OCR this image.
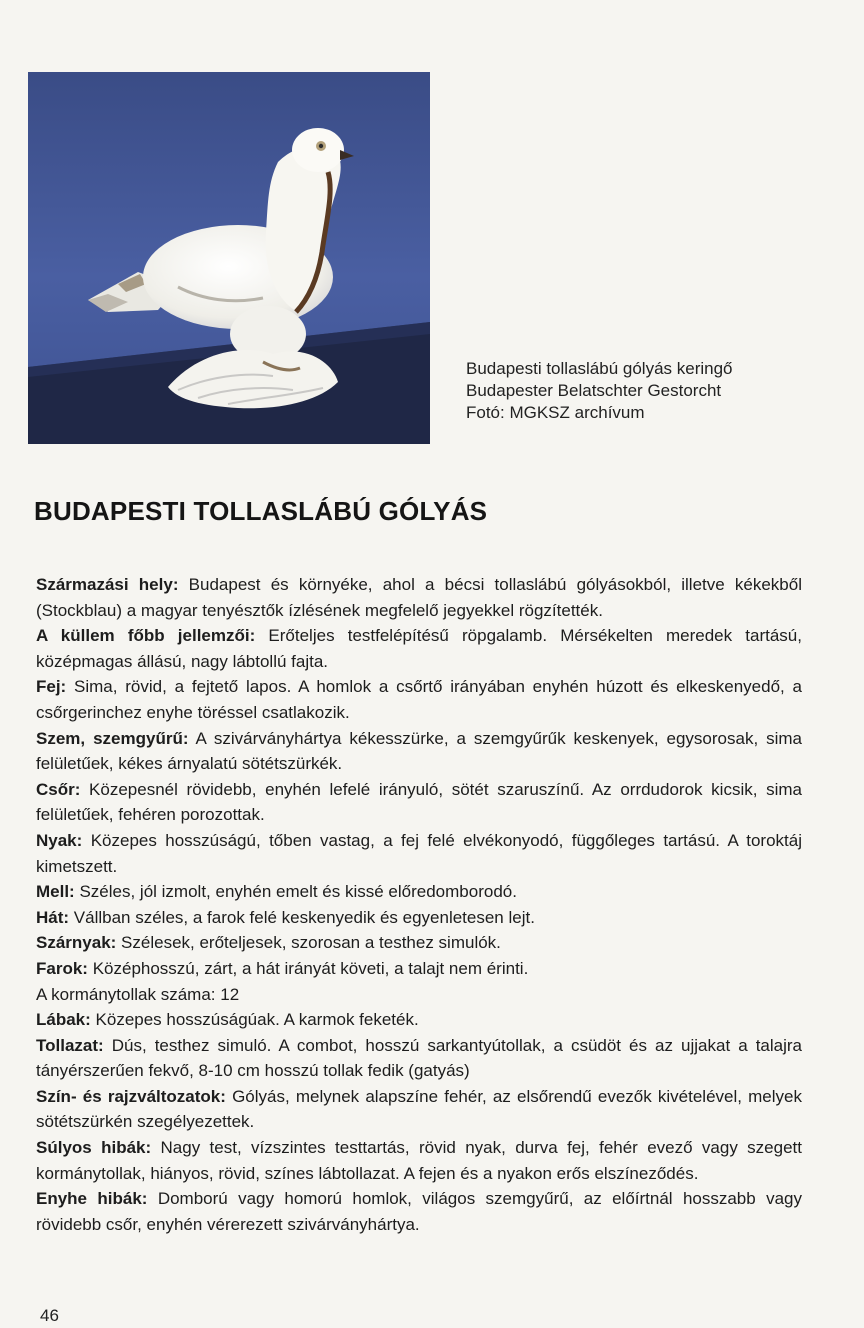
Budapesti tollaslábú gólyás keringő
Budapester Belatschter Gestorcht
Fotó: MGKSZ archívum
BUDAPESTI TOLLASLÁBÚ GÓLYÁS

Származási hely: Budapest és környéke, ahol a bécsi tollaslábú gólyásokból, illetve kékekből (Stockblau) a magyar tenyésztők ízlésének megfelelő jegyekkel rögzítették.

A küllem főbb jellemzői: Erőteljes testfelépítésű röpgalamb. Mérsékelten meredek tartású, középmagas állású, nagy lábtollú fajta.

Fej: Sima, rövid, a fejtető lapos. A homlok a csőrtő irányában enyhén húzott és elkeskenyedő, a csőrgerinchez enyhe töréssel csatlakozik.

Szem, szemgyűrű: A szivárványhártya kékesszürke, a szemgyűrűk keskenyek, egysorosak, sima felületűek, kékes árnyalatú sötétszürkék.

Csőr: Közepesnél rövidebb, enyhén lefelé irányuló, sötét szaruszínű. Az orrdudorok kicsik, sima felületűek, fehéren porozottak.

Nyak: Közepes hosszúságú, tőben vastag, a fej felé elvékonyodó, függőleges tartású. A toroktáj kimetszett.

Mell: Széles, jól izmolt, enyhén emelt és kissé előredomborodó.

Hát: Vállban széles, a farok felé keskenyedik és egyenletesen lejt.

Szárnyak: Szélesek, erőteljesek, szorosan a testhez simulók.

Farok: Középhosszú, zárt, a hát irányát követi, a talajt nem érinti.

A kormánytollak száma: 12

Lábak: Közepes hosszúságúak. A karmok feketék.

Tollazat: Dús, testhez simuló. A combot, hosszú sarkantyútollak, a csüdöt és az ujjakat a talajra tányérszerűen fekvő, 8-10 cm hosszú tollak fedik (gatyás)

Szín- és rajzváltozatok: Gólyás, melynek alapszíne fehér, az elsőrendű evezők kivételével, melyek sötétszürkén szegélyezettek.

Súlyos hibák: Nagy test, vízszintes testtartás, rövid nyak, durva fej, fehér evező vagy szegett kormánytollak, hiányos, rövid, színes lábtollazat. A fejen és a nyakon erős elszíneződés.

Enyhe hibák: Domború vagy homorú homlok, világos szemgyűrű, az előírtnál hosszabb vagy rövidebb csőr, enyhén vérerezett szivárványhártya.

46
